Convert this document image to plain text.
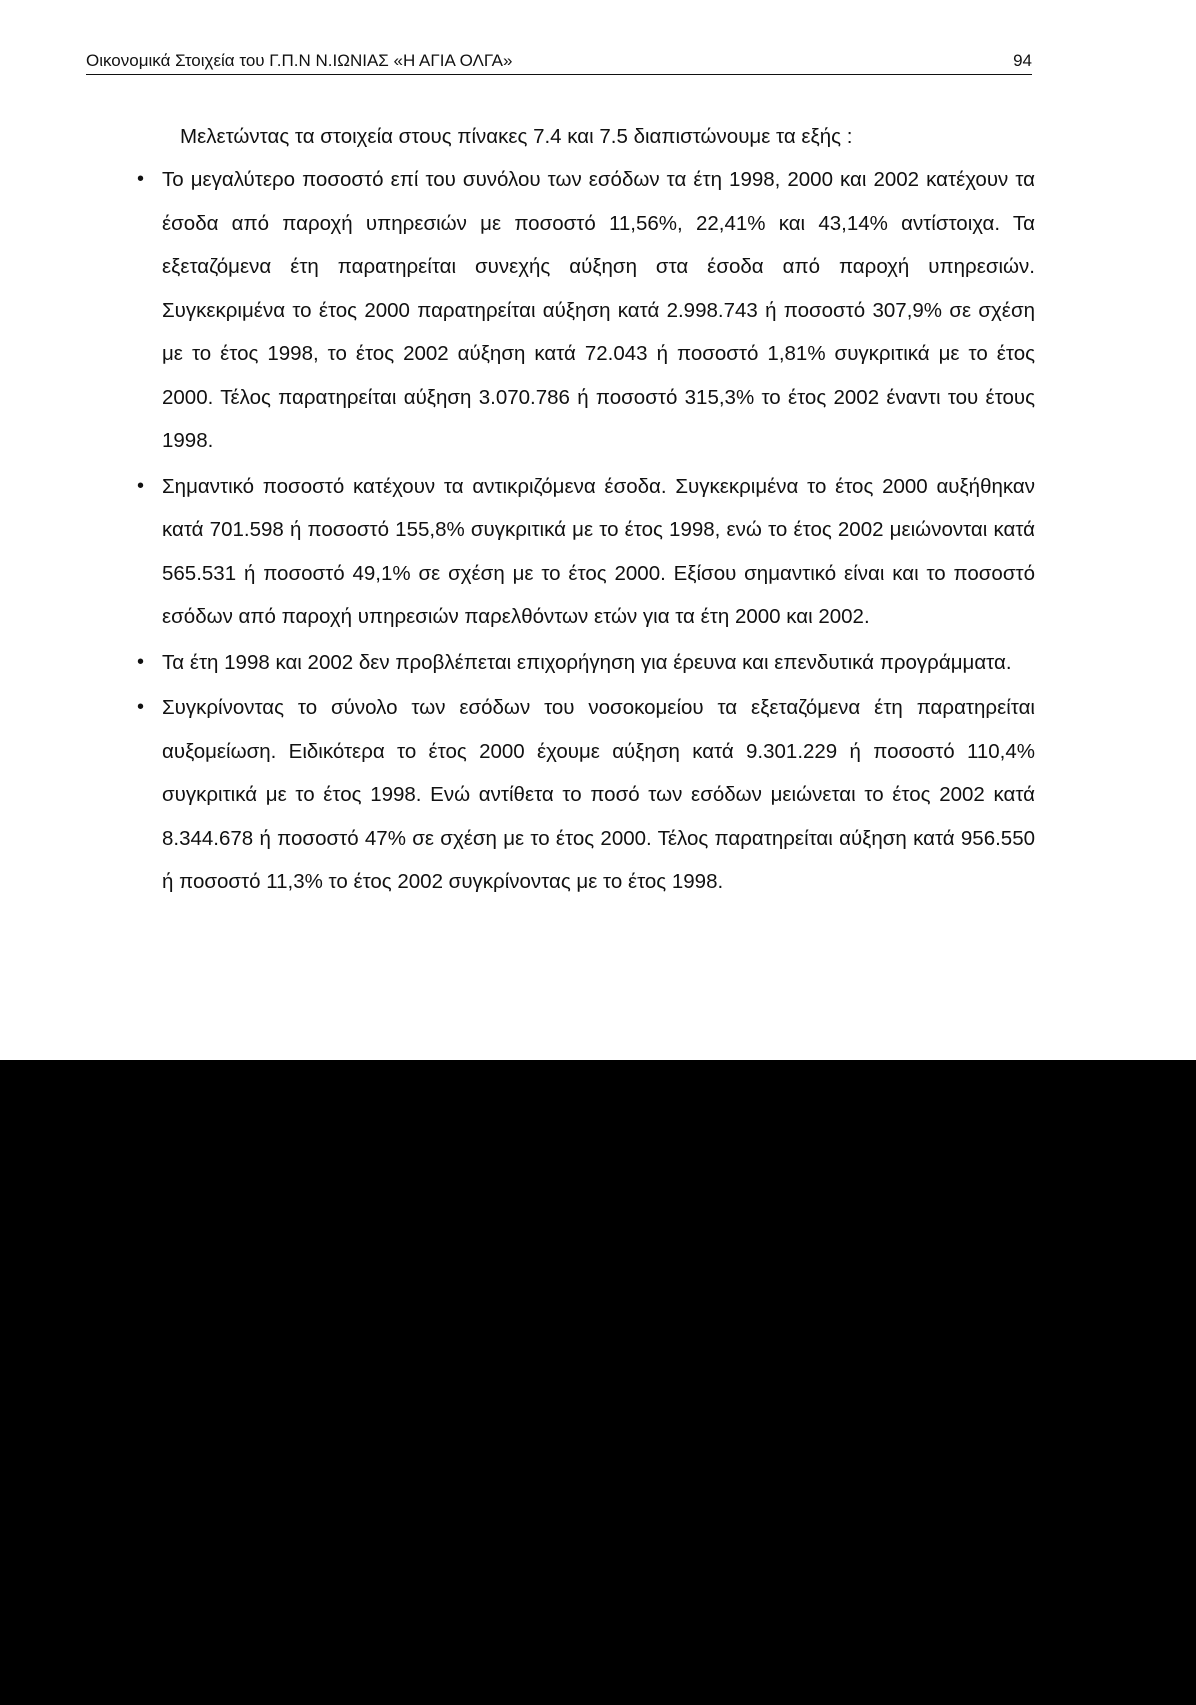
Οικονομικά Στοιχεία του Γ.Π.Ν Ν.ΙΩΝΙΑΣ «Η ΑΓΙΑ ΟΛΓΑ»	94
Μελετώντας τα στοιχεία στους πίνακες 7.4 και 7.5 διαπιστώνουμε τα εξής :
• Το μεγαλύτερο ποσοστό επί του συνόλου των εσόδων τα έτη 1998, 2000 και 2002 κατέχουν τα έσοδα από παροχή υπηρεσιών με ποσοστό 11,56%, 22,41% και 43,14% αντίστοιχα. Τα εξεταζόμενα έτη παρατηρείται συνεχής αύξηση στα έσοδα από παροχή υπηρεσιών. Συγκεκριμένα το έτος 2000 παρατηρείται αύξηση κατά 2.998.743 ή ποσοστό 307,9% σε σχέση με το έτος 1998, το έτος 2002 αύξηση κατά 72.043 ή ποσοστό 1,81% συγκριτικά με το έτος 2000. Τέλος παρατηρείται αύξηση 3.070.786 ή ποσοστό 315,3% το έτος 2002 έναντι του έτους 1998.
• Σημαντικό ποσοστό κατέχουν τα αντικριζόμενα έσοδα. Συγκεκριμένα το έτος 2000 αυξήθηκαν κατά 701.598 ή ποσοστό 155,8% συγκριτικά με το έτος 1998, ενώ το έτος 2002 μειώνονται κατά 565.531 ή ποσοστό 49,1% σε σχέση με το έτος 2000. Εξίσου σημαντικό είναι και το ποσοστό εσόδων από παροχή υπηρεσιών παρελθόντων ετών για τα έτη 2000 και 2002.
• Τα έτη 1998 και 2002 δεν προβλέπεται επιχορήγηση για έρευνα και επενδυτικά προγράμματα.
• Συγκρίνοντας το σύνολο των εσόδων του νοσοκομείου τα εξεταζόμενα έτη παρατηρείται αυξομείωση. Ειδικότερα το έτος 2000 έχουμε αύξηση κατά 9.301.229 ή ποσοστό 110,4% συγκριτικά με το έτος 1998. Ενώ αντίθετα το ποσό των εσόδων μειώνεται το έτος 2002 κατά 8.344.678 ή ποσοστό 47% σε σχέση με το έτος 2000. Τέλος παρατηρείται αύξηση κατά 956.550 ή ποσοστό 11,3% το έτος 2002 συγκρίνοντας με το έτος 1998.
